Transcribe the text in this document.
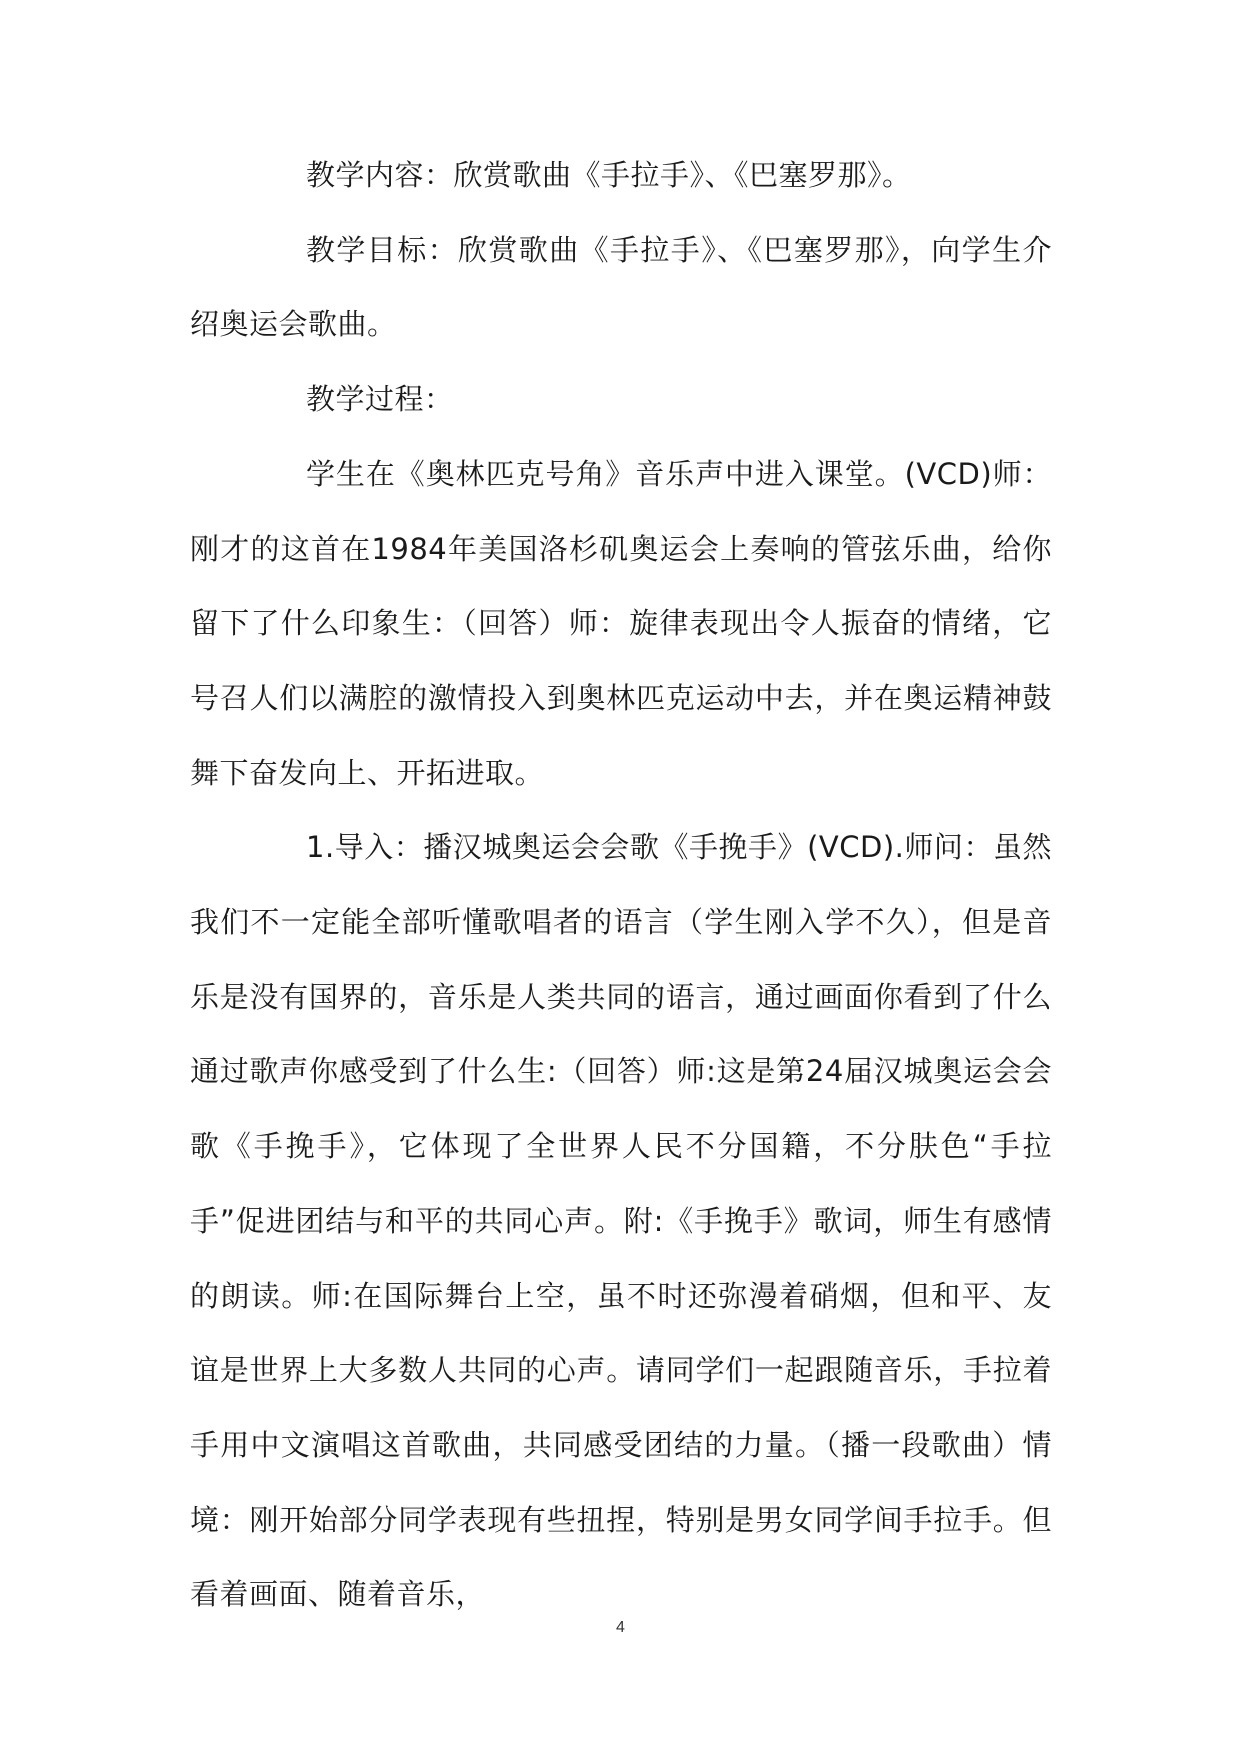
教学内容：欣赏歌曲《手拉手》、《巴塞罗那》。

教学目标：欣赏歌曲《手拉手》、《巴塞罗那》，向学生介绍奥运会歌曲。

教学过程：

学生在《奥林匹克号角》音乐声中进入课堂。(VCD)师：刚才的这首在1984年美国洛杉矶奥运会上奏响的管弦乐曲，给你留下了什么印象生：（回答）师：旋律表现出令人振奋的情绪，它号召人们以满腔的激情投入到奥林匹克运动中去，并在奥运精神鼓舞下奋发向上、开拓进取。

1.导入：播汉城奥运会会歌《手挽手》(VCD).师问：虽然我们不一定能全部听懂歌唱者的语言（学生刚入学不久），但是音乐是没有国界的，音乐是人类共同的语言，通过画面你看到了什么通过歌声你感受到了什么生:（回答）师:这是第24届汉城奥运会会歌《手挽手》，它体现了全世界人民不分国籍，不分肤色“手拉手”促进团结与和平的共同心声。附:《手挽手》歌词，师生有感情的朗读。师:在国际舞台上空，虽不时还弥漫着硝烟，但和平、友谊是世界上大多数人共同的心声。请同学们一起跟随音乐，手拉着手用中文演唱这首歌曲，共同感受团结的力量。（播一段歌曲）情境：刚开始部分同学表现有些扭捏，特别是男女同学间手拉手。但看着画面、随着音乐，

4
